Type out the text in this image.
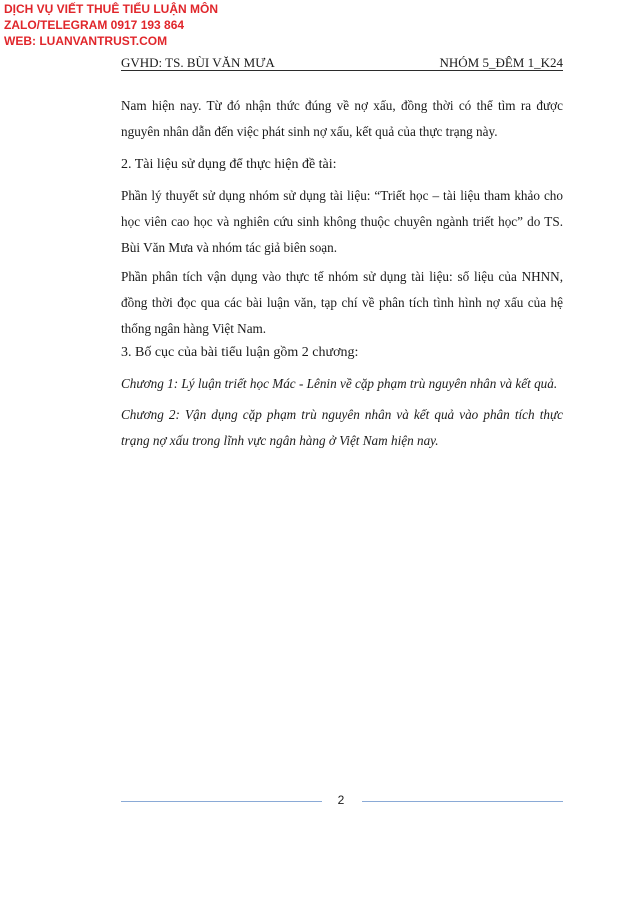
DỊCH VỤ VIẾT THUÊ TIỂU LUẬN MÔN
ZALO/TELEGRAM 0917 193 864
WEB: LUANVANTRUST.COM
GVHD: TS. BÙI VĂN MƯA	NHÓM 5_ĐÊM 1_K24

Nam hiện nay. Từ đó nhận thức đúng về nợ xấu, đồng thời có thể tìm ra được nguyên nhân dẫn đến việc phát sinh nợ xấu, kết quả của thực trạng này.

2. Tài liệu sử dụng để thực hiện đề tài:

Phần lý thuyết sử dụng nhóm sử dụng tài liệu: “Triết học – tài liệu tham khảo cho học viên cao học và nghiên cứu sinh không thuộc chuyên ngành triết học” do TS. Bùi Văn Mưa và nhóm tác giả biên soạn.

Phần phân tích vận dụng vào thực tế nhóm sử dụng tài liệu: số liệu của NHNN, đồng thời đọc qua các bài luận văn, tạp chí về phân tích tình hình nợ xấu của hệ thống ngân hàng Việt Nam.

3. Bố cục của bài tiểu luận gồm 2 chương:

Chương 1: Lý luận triết học Mác - Lênin về cặp phạm trù nguyên nhân và kết quả.

Chương 2: Vận dụng cặp phạm trù nguyên nhân và kết quả vào phân tích thực trạng nợ xấu trong lĩnh vực ngân hàng ở Việt Nam hiện nay.

2
